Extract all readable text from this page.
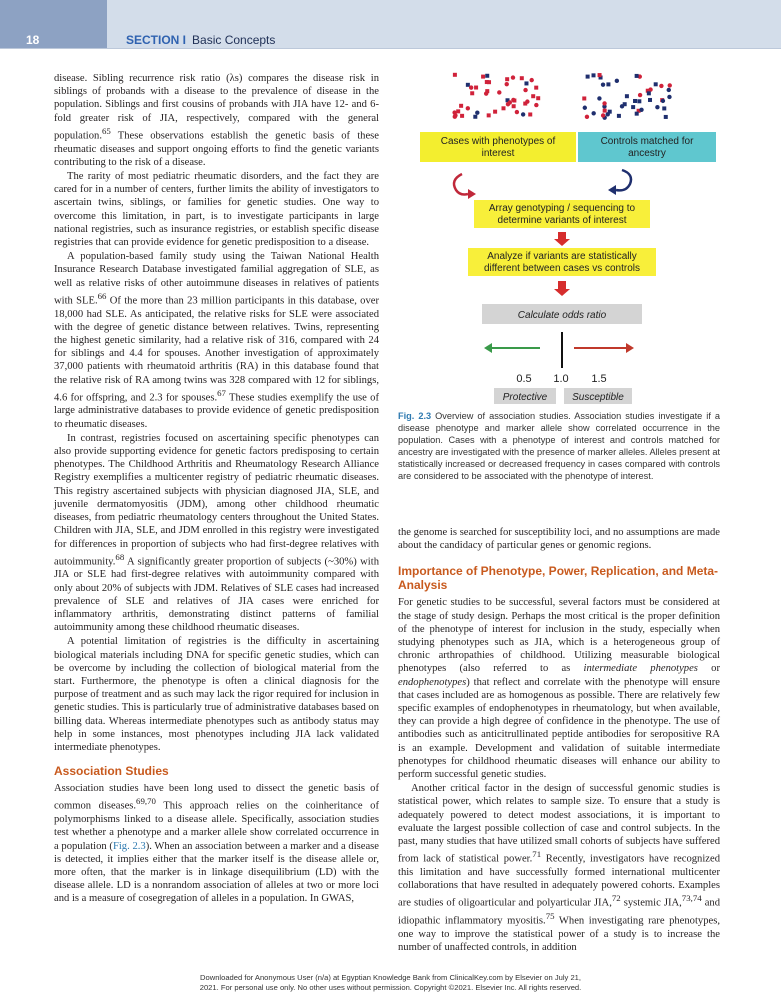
18	SECTION I Basic Concepts

disease. Sibling recurrence risk ratio (λs) compares the disease risk in siblings of probands with a disease to the prevalence of disease in the population. Siblings and first cousins of probands with JIA have 12- and 6-fold greater risk of JIA, respectively, compared with the general population.$^{65}$ These observations establish the genetic basis of these rheumatic diseases and support ongoing efforts to find the genetic variants contributing to the risk of a disease.

The rarity of most pediatric rheumatic disorders, and the fact they are cared for in a number of centers, further limits the ability of investigators to ascertain twins, siblings, or families for genetic studies. One way to overcome this limitation, in part, is to investigate participants in large national registries, such as insurance registries, or establish specific disease registries that can provide evidence for genetic predisposition to a disease.

A population-based family study using the Taiwan National Health Insurance Research Database investigated familial aggregation of SLE, as well as relative risks of other autoimmune diseases in relatives of patients with SLE.$^{66}$ Of the more than 23 million participants in this database, over 18,000 had SLE. As anticipated, the relative risks for SLE were associated with the degree of genetic distance between relatives. Twins, representing the highest genetic similarity, had a relative risk of 316, compared with 24 for siblings and 4.4 for spouses. Another investigation of approximately 37,000 patients with rheumatoid arthritis (RA) in this database found that the relative risk of RA among twins was 328 compared with 12 for siblings, 4.6 for offspring, and 2.3 for spouses.$^{67}$ These studies exemplify the use of large administrative databases to provide evidence of genetic predisposition to rheumatic diseases.

In contrast, registries focused on ascertaining specific phenotypes can also provide supporting evidence for genetic factors predisposing to certain phenotypes. The Childhood Arthritis and Rheumatology Research Alliance Registry exemplifies a multicenter registry of pediatric rheumatic diseases. This registry ascertained subjects with physician diagnosed JIA, SLE, and juvenile dermatomyositis (JDM), among other childhood rheumatic diseases, from pediatric rheumatology centers throughout the United States. Children with JIA, SLE, and JDM enrolled in this registry were investigated for differences in proportion of subjects who had first-degree relatives with autoimmunity.$^{68}$ A significantly greater proportion of subjects (~30%) with JIA or SLE had first-degree relatives with autoimmunity compared with only about 20% of subjects with JDM. Relatives of SLE cases had increased prevalence of SLE and relatives of JIA cases were enriched for inflammatory arthritis, demonstrating distinct patterns of familial autoimmunity among these childhood rheumatic diseases.

A potential limitation of registries is the difficulty in ascertaining biological materials including DNA for specific genetic studies, which can be overcome by including the collection of biological material from the start. Furthermore, the phenotype is often a clinical diagnosis for the purpose of treatment and as such may lack the rigor required for inclusion in genetic studies. This is particularly true of administrative databases based on billing data. Whereas intermediate phenotypes such as antibody status may help in some instances, most phenotypes including JIA lack validated intermediate phenotypes.

Association Studies

Association studies have been long used to dissect the genetic basis of common diseases.$^{69,70}$ This approach relies on the coinheritance of polymorphisms linked to a disease allele. Specifically, association studies test whether a phenotype and a marker allele show correlated occurrence in a population (Fig. 2.3). When an association between a marker and a disease is detected, it implies either that the marker itself is the disease allele or, more often, that the marker is in linkage disequilibrium (LD) with the disease allele. LD is a nonrandom association of alleles at two or more loci and is a measure of cosegregation of alleles in a population. In GWAS,

Cases with phenotypes of
interest
Controls matched for
ancestry
Array genotyping / sequencing to
determine variants of interest
Analyze if variants are statistically
different between cases vs controls
Calculate odds ratio
0.5 1.0 1.5
Protective Susceptible
Fig. 2.3 Overview of association studies. Association studies investigate if a disease phenotype and marker allele show correlated occurrence in the population. Cases with a phenotype of interest and controls matched for ancestry are investigated with the presence of marker alleles. Alleles present at statistically increased or decreased frequency in cases compared with controls are considered to be associated with the phenotype of interest.

the genome is searched for susceptibility loci, and no assumptions are made about the candidacy of particular genes or genomic regions.

Importance of Phenotype, Power, Replication, and Meta-Analysis

For genetic studies to be successful, several factors must be considered at the stage of study design. Perhaps the most critical is the proper definition of the phenotype of interest for inclusion in the study, especially when studying phenotypes such as JIA, which is a heterogeneous group of chronic arthropathies of childhood. Utilizing measurable biological phenotypes (also referred to as intermediate phenotypes or endophenotypes) that reflect and correlate with the phenotype will ensure that cases included are as homogenous as possible. There are relatively few specific examples of endophenotypes in rheumatology, but when available, they can provide a high degree of confidence in the phenotype. The use of antibodies such as anticitrullinated peptide antibodies for seropositive RA is an example. Development and validation of suitable intermediate phenotypes for childhood rheumatic diseases will enhance our ability to perform successful genetic studies.

Another critical factor in the design of successful genomic studies is statistical power, which relates to sample size. To ensure that a study is adequately powered to detect modest associations, it is important to evaluate the largest possible collection of case and control subjects. In the past, many studies that have utilized small cohorts of subjects have suffered from lack of statistical power.$^{71}$ Recently, investigators have recognized this limitation and have successfully formed international multicenter collaborations that have resulted in adequately powered cohorts. Examples are studies of oligoarticular and polyarticular JIA,$^{72}$ systemic JIA,$^{73,74}$ and idiopathic inflammatory myositis.$^{75}$ When investigating rare phenotypes, one way to improve the statistical power of a study is to increase the number of unaffected controls, in addition

Downloaded for Anonymous User (n/a) at Egyptian Knowledge Bank from ClinicalKey.com by Elsevier on July 21,
2021. For personal use only. No other uses without permission. Copyright ©2021. Elsevier Inc. All rights reserved.
